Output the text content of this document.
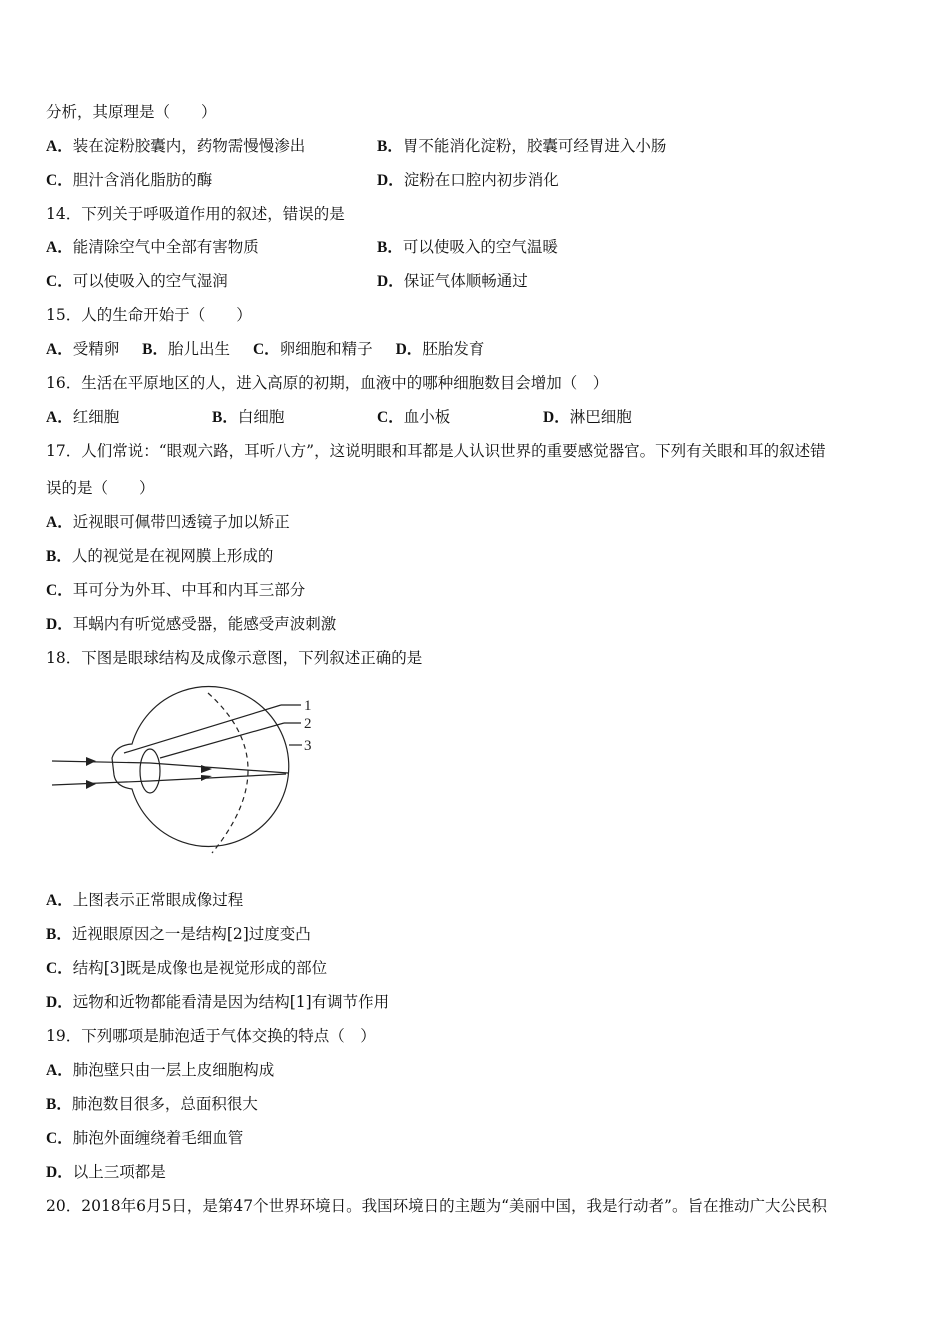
分析，其原理是（　　）
A．装在淀粉胶囊内，药物需慢慢渗出	B．胃不能消化淀粉，胶囊可经胃进入小肠
C．胆汁含消化脂肪的酶	D．淀粉在口腔内初步消化
14．下列关于呼吸道作用的叙述，错误的是
A．能清除空气中全部有害物质	B．可以使吸入的空气温暖
C．可以使吸入的空气湿润	D．保证气体顺畅通过
15．人的生命开始于（　　）
A．受精卵 B．胎儿出生 C．卵细胞和精子 D．胚胎发育
16．生活在平原地区的人，进入高原的初期，血液中的哪种细胞数目会增加（　）
A．红细胞	B．白细胞	C．血小板	D．淋巴细胞
17．人们常说：“眼观六路，耳听八方”，这说明眼和耳都是人认识世界的重要感觉器官。下列有关眼和耳的叙述错
误的是（　　）
A．近视眼可佩带凹透镜子加以矫正
B．人的视觉是在视网膜上形成的
C．耳可分为外耳、中耳和内耳三部分
D．耳蜗内有听觉感受器，能感受声波刺激
18．下图是眼球结构及成像示意图，下列叙述正确的是
1
2
3
A．上图表示正常眼成像过程
B．近视眼原因之一是结构[2]过度变凸
C．结构[3]既是成像也是视觉形成的部位
D．远物和近物都能看清是因为结构[1]有调节作用
19．下列哪项是肺泡适于气体交换的特点（　）
A．肺泡壁只由一层上皮细胞构成
B．肺泡数目很多，总面积很大
C．肺泡外面缠绕着毛细血管
D．以上三项都是
20．2018年6月5日，是第47个世界环境日。我国环境日的主题为“美丽中国，我是行动者”。旨在推动广大公民积
